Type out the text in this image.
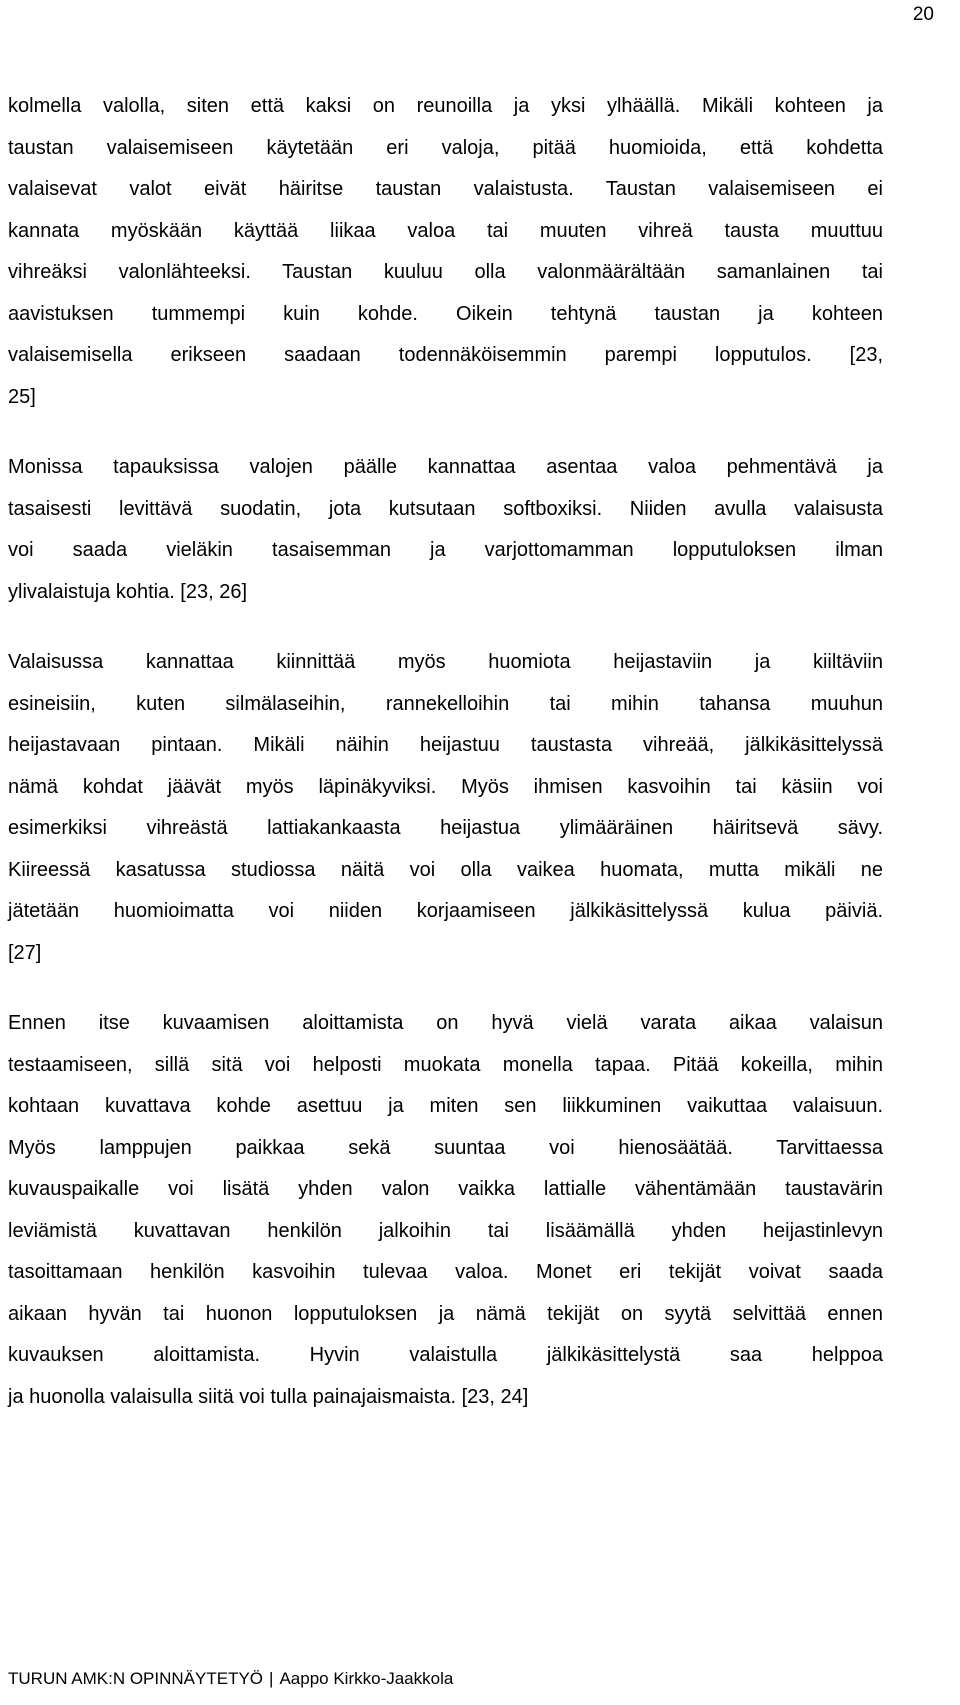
20
kolmella valolla, siten että kaksi on reunoilla ja yksi ylhäällä. Mikäli kohteen ja
taustan valaisemiseen käytetään eri valoja, pitää huomioida, että kohdetta
valaisevat valot eivät häiritse taustan valaistusta. Taustan valaisemiseen ei
kannata myöskään käyttää liikaa valoa tai muuten vihreä tausta muuttuu
vihreäksi valonlähteeksi. Taustan kuuluu olla valonmäärältään samanlainen tai
aavistuksen tummempi kuin kohde. Oikein tehtynä taustan ja kohteen
valaisemisella erikseen saadaan todennäköisemmin parempi lopputulos. [23,
25]
Monissa tapauksissa valojen päälle kannattaa asentaa valoa pehmentävä ja
tasaisesti levittävä suodatin, jota kutsutaan softboxiksi. Niiden avulla valaisusta
voi saada vieläkin tasaisemman ja varjottomamman lopputuloksen ilman
ylivalaistuja kohtia. [23, 26]
Valaisussa kannattaa kiinnittää myös huomiota heijastaviin ja kiiltäviin
esineisiin, kuten silmälaseihin, rannekelloihin tai mihin tahansa muuhun
heijastavaan pintaan. Mikäli näihin heijastuu taustasta vihreää, jälkikäsittelyssä
nämä kohdat jäävät myös läpinäkyviksi. Myös ihmisen kasvoihin tai käsiin voi
esimerkiksi vihreästä lattiakankaasta heijastua ylimääräinen häiritsevä sävy.
Kiireessä kasatussa studiossa näitä voi olla vaikea huomata, mutta mikäli ne
jätetään huomioimatta voi niiden korjaamiseen jälkikäsittelyssä kulua päiviä.
[27]
Ennen itse kuvaamisen aloittamista on hyvä vielä varata aikaa valaisun
testaamiseen, sillä sitä voi helposti muokata monella tapaa. Pitää kokeilla, mihin
kohtaan kuvattava kohde asettuu ja miten sen liikkuminen vaikuttaa valaisuun.
Myös lamppujen paikkaa sekä suuntaa voi hienosäätää. Tarvittaessa
kuvauspaikalle voi lisätä yhden valon vaikka lattialle vähentämään taustavärin
leviämistä kuvattavan henkilön jalkoihin tai lisäämällä yhden heijastinlevyn
tasoittamaan henkilön kasvoihin tulevaa valoa. Monet eri tekijät voivat saada
aikaan hyvän tai huonon lopputuloksen ja nämä tekijät on syytä selvittää ennen
kuvauksen aloittamista. Hyvin valaistulla jälkikäsittelystä saa helppoa
ja huonolla valaisulla siitä voi tulla painajaismaista. [23, 24]
TURUN AMK:N OPINNÄYTETYÖ | Aappo Kirkko-Jaakkola
